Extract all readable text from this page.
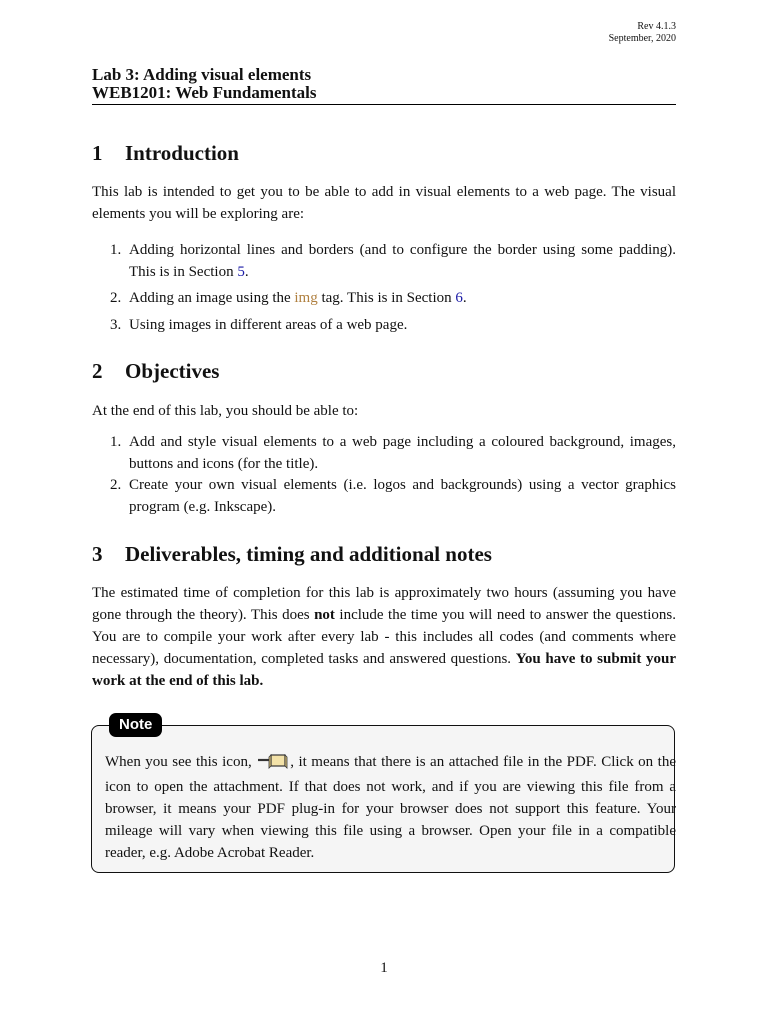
Rev 4.1.3
September, 2020
Lab 3: Adding visual elements
WEB1201: Web Fundamentals
1 Introduction

This lab is intended to get you to be able to add in visual elements to a web page. The visual elements you will be exploring are:

1. Adding horizontal lines and borders (and to configure the border using some padding). This is in Section 5.
2. Adding an image using the img tag. This is in Section 6.
3. Using images in different areas of a web page.
2 Objectives

At the end of this lab, you should be able to:

1. Add and style visual elements to a web page including a coloured background, images, buttons and icons (for the title).
2. Create your own visual elements (i.e. logos and backgrounds) using a vector graphics program (e.g. Inkscape).
3 Deliverables, timing and additional notes

The estimated time of completion for this lab is approximately two hours (assuming you have gone through the theory). This does not include the time you will need to answer the questions. You are to compile your work after every lab - this includes all codes (and comments where necessary), documentation, completed tasks and answered questions. You have to submit your work at the end of this lab.

Note

When you see this icon, , it means that there is an attached file in the PDF. Click on the icon to open the attachment. If that does not work, and if you are viewing this file from a browser, it means your PDF plug-in for your browser does not support this feature. Your mileage will vary when viewing this file using a browser. Open your file in a compatible reader, e.g. Adobe Acrobat Reader.

1
